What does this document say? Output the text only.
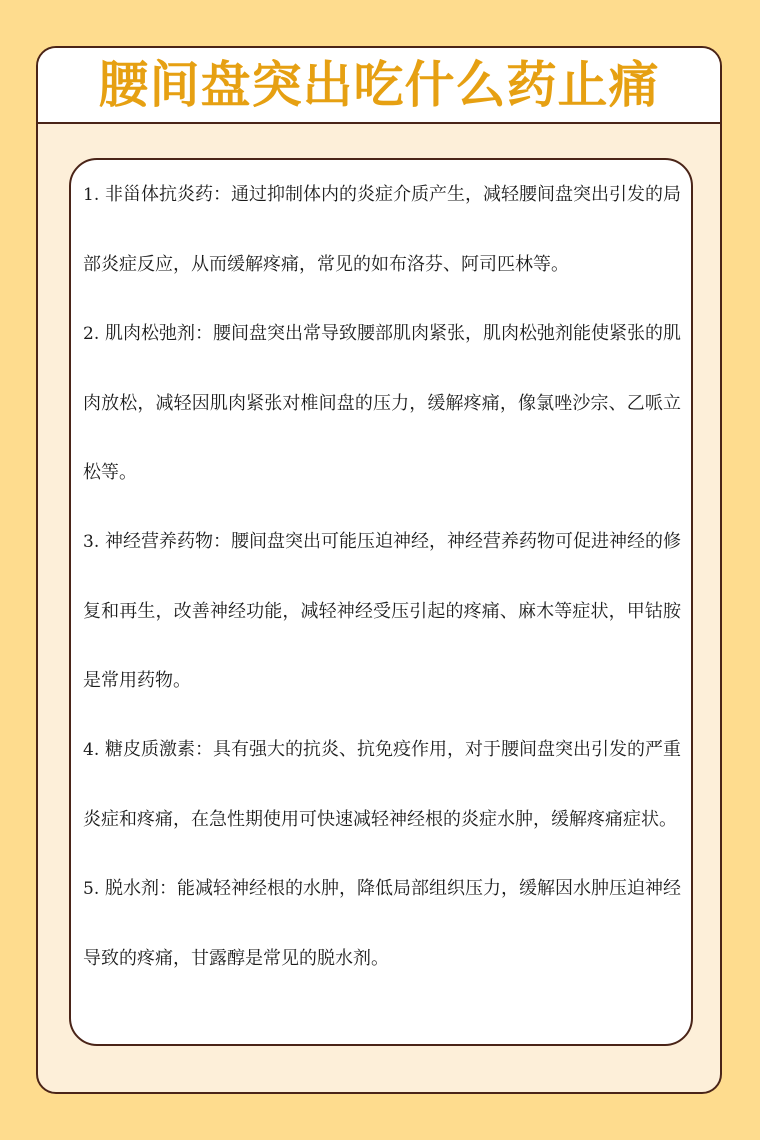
腰间盘突出吃什么药止痛

1. 非甾体抗炎药：通过抑制体内的炎症介质产生，减轻腰间盘突出引发的局部炎症反应，从而缓解疼痛，常见的如布洛芬、阿司匹林等。

2. 肌肉松弛剂：腰间盘突出常导致腰部肌肉紧张，肌肉松弛剂能使紧张的肌肉放松，减轻因肌肉紧张对椎间盘的压力，缓解疼痛，像氯唑沙宗、乙哌立松等。

3. 神经营养药物：腰间盘突出可能压迫神经，神经营养药物可促进神经的修复和再生，改善神经功能，减轻神经受压引起的疼痛、麻木等症状，甲钴胺是常用药物。

4. 糖皮质激素：具有强大的抗炎、抗免疫作用，对于腰间盘突出引发的严重炎症和疼痛，在急性期使用可快速减轻神经根的炎症水肿，缓解疼痛症状。

5. 脱水剂：能减轻神经根的水肿，降低局部组织压力，缓解因水肿压迫神经导致的疼痛，甘露醇是常见的脱水剂。
